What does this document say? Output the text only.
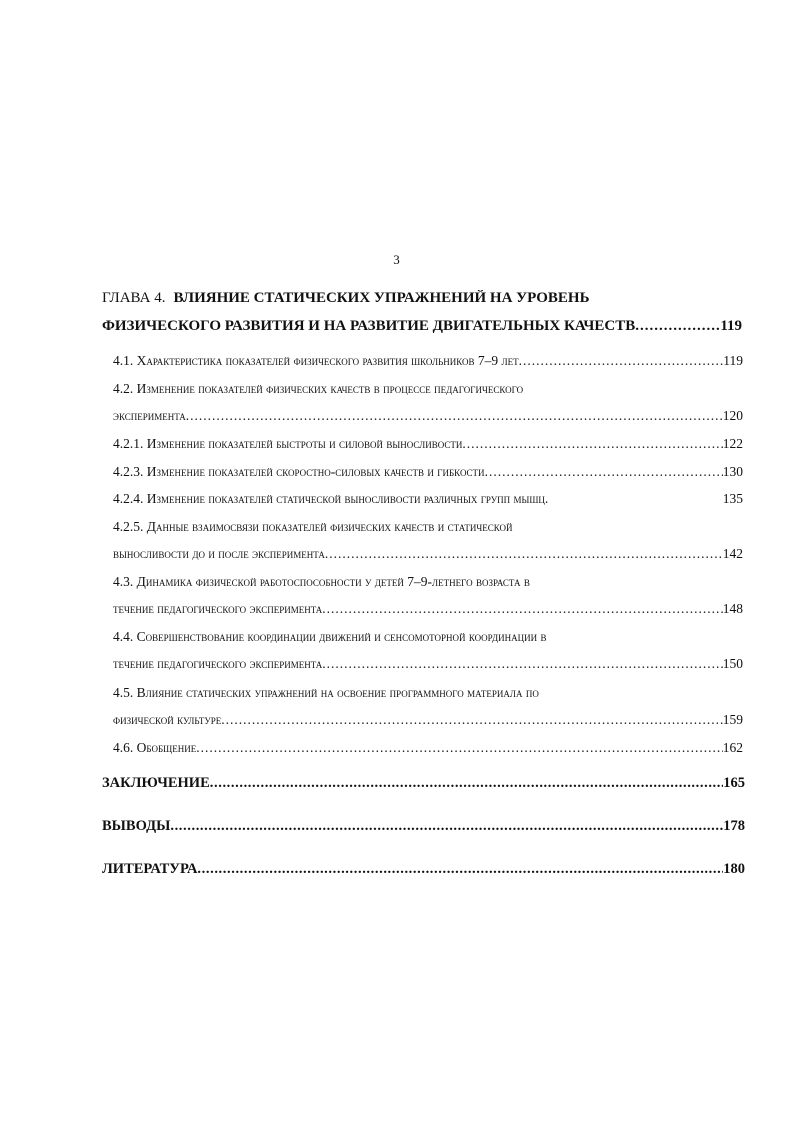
3
ГЛАВА 4. ВЛИЯНИЕ СТАТИЧЕСКИХ УПРАЖНЕНИЙ НА УРОВЕНЬ
ФИЗИЧЕСКОГО РАЗВИТИЯ И НА РАЗВИТИЕ ДВИГАТЕЛЬНЫХ КАЧЕСТВ .....	119
4.1. Характеристика показателей физического развития школьников 7–9 лет .....	119
4.2. Изменение показателей физических качеств в процессе педагогического
эксперимента .....	120
4.2.1. Изменение показателей быстроты и силовой выносливости .....	122
4.2.3. Изменение показателей скоростно-силовых качеств и гибкости .....	130
4.2.4. Изменение показателей статической выносливости различных групп мышц.	135
4.2.5. Данные взаимосвязи показателей физических качеств и статической
выносливости до и после эксперимента .....	142
4.3. Динамика физической работоспособности у детей 7–9-летнего возраста в
течение педагогического эксперимента .....	148
4.4. Совершенствование координации движений и сенсомоторной координации в
течение педагогического эксперимента .....	150
4.5. Влияние статических упражнений на освоение программного материала по
физической культуре .....	159
4.6. Обобщение .....	162
ЗАКЛЮЧЕНИЕ .....	165
ВЫВОДЫ .....	178
ЛИТЕРАТУРА .....	180
